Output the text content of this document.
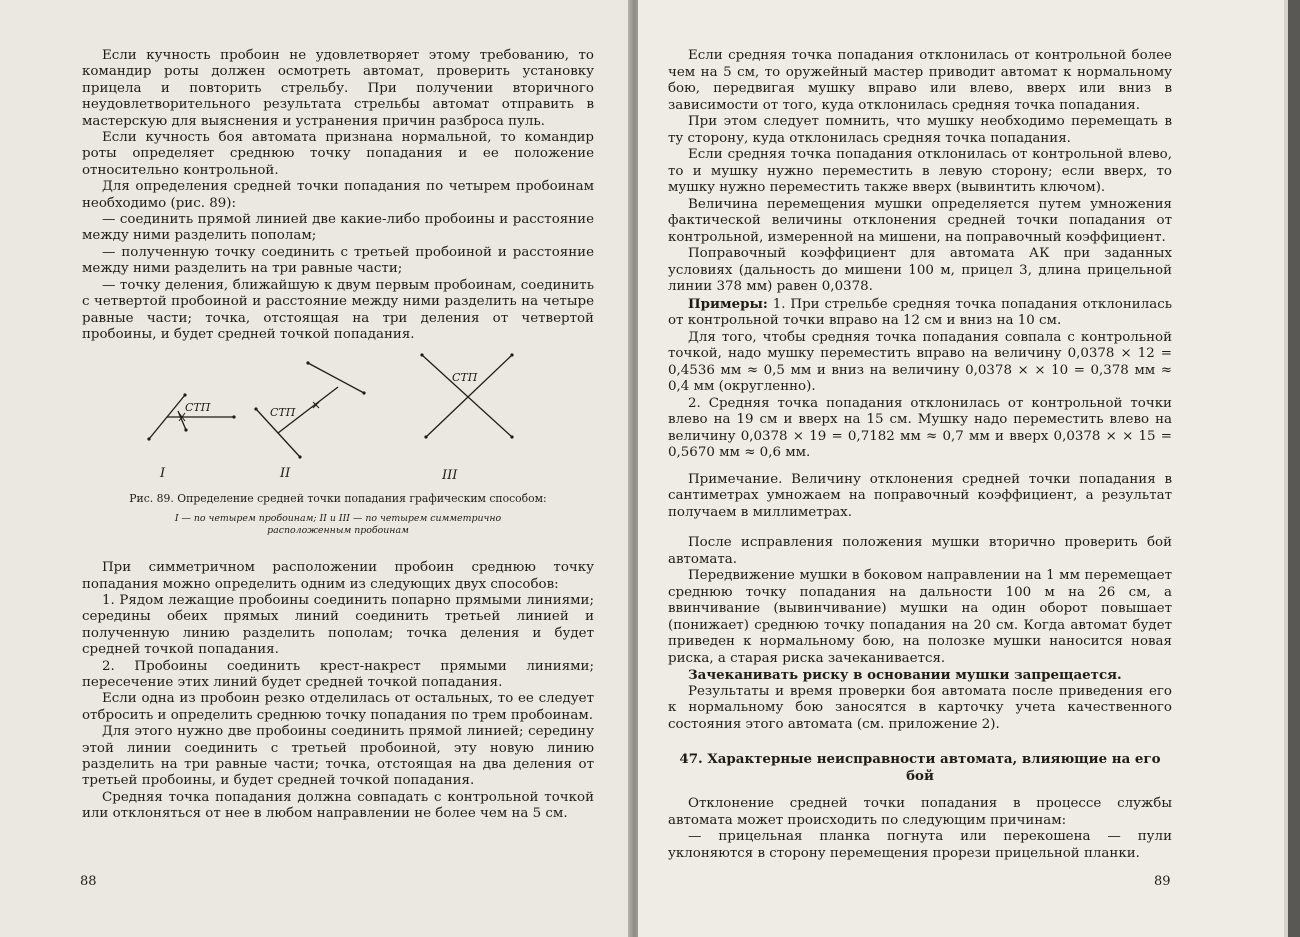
Если кучность пробоин не удовлетворяет этому требованию, то командир роты должен осмотреть автомат, проверить установку прицела и повторить стрельбу. При получении вторичного неудовлетворительного результата стрельбы автомат отправить в мастерскую для выяснения и устранения причин разброса пуль.

Если кучность боя автомата признана нормальной, то командир роты определяет среднюю точку попадания и ее положение относительно контрольной.

Для определения средней точки попадания по четырем пробоинам необходимо (рис. 89):

— соединить прямой линией две какие-либо пробоины и расстояние между ними разделить пополам;

— полученную точку соединить с третьей пробоиной и расстояние между ними разделить на три равные части;

— точку деления, ближайшую к двум первым пробоинам, соединить с четвертой пробоиной и расстояние между ними разделить на четыре равные части; точка, отстоящая на три деления от четвертой пробоины, и будет средней точкой попадания.

СТП	СТП
СТП
I	II	III

Рис. 89. Определение средней точки попадания графическим способом:

I — по четырем пробоинам; II и III — по четырем симметрично расположенным пробоинам

При симметричном расположении пробоин среднюю точку попадания можно определить одним из следующих двух способов:

1. Рядом лежащие пробоины соединить попарно прямыми линиями; середины обеих прямых линий соединить третьей линией и полученную линию разделить пополам; точка деления и будет средней точкой попадания.

2. Пробоины соединить крест-накрест прямыми линиями; пересечение этих линий будет средней точкой попадания.

Если одна из пробоин резко отделилась от остальных, то ее следует отбросить и определить среднюю точку попадания по трем пробоинам.

Для этого нужно две пробоины соединить прямой линией; середину этой линии соединить с третьей пробоиной, эту новую линию разделить на три равные части; точка, отстоящая на два деления от третьей пробоины, и будет средней точкой попадания.

Средняя точка попадания должна совпадать с контрольной точкой или отклоняться от нее в любом направлении не более чем на 5 см.

88

Если средняя точка попадания отклонилась от контрольной более чем на 5 см, то оружейный мастер приводит автомат к нормальному бою, передвигая мушку вправо или влево, вверх или вниз в зависимости от того, куда отклонилась средняя точка попадания.

При этом следует помнить, что мушку необходимо перемещать в ту сторону, куда отклонилась средняя точка попадания.

Если средняя точка попадания отклонилась от контрольной влево, то и мушку нужно переместить в левую сторону; если вверх, то мушку нужно переместить также вверх (вывинтить ключом).

Величина перемещения мушки определяется путем умножения фактической величины отклонения средней точки попадания от контрольной, измеренной на мишени, на поправочный коэффициент.

Поправочный коэффициент для автомата АК при заданных условиях (дальность до мишени 100 м, прицел 3, длина прицельной линии 378 мм) равен 0,0378.

Примеры: 1. При стрельбе средняя точка попадания отклонилась от контрольной точки вправо на 12 см и вниз на 10 см.

Для того, чтобы средняя точка попадания совпала с контрольной точкой, надо мушку переместить вправо на величину 0,0378 × 12 = 0,4536 мм ≈ 0,5 мм и вниз на величину 0,0378 × × 10 = 0,378 мм ≈ 0,4 мм (округленно).

2. Средняя точка попадания отклонилась от контрольной точки влево на 19 см и вверх на 15 см. Мушку надо переместить влево на величину 0,0378 × 19 = 0,7182 мм ≈ 0,7 мм и вверх 0,0378 × × 15 = 0,5670 мм ≈ 0,6 мм.

Примечание. Величину отклонения средней точки попадания в сантиметрах умножаем на поправочный коэффициент, а результат получаем в миллиметрах.

После исправления положения мушки вторично проверить бой автомата.

Передвижение мушки в боковом направлении на 1 мм перемещает среднюю точку попадания на дальности 100 м на 26 см, а ввинчивание (вывинчивание) мушки на один оборот повышает (понижает) среднюю точку попадания на 20 см. Когда автомат будет приведен к нормальному бою, на полозке мушки наносится новая риска, а старая риска зачеканивается.

Зачеканивать риску в основании мушки запрещается.

Результаты и время проверки боя автомата после приведения его к нормальному бою заносятся в карточку учета качественного состояния этого автомата (см. приложение 2).

47. Характерные неисправности автомата, влияющие на его бой

Отклонение средней точки попадания в процессе службы автомата может происходить по следующим причинам:

— прицельная планка погнута или перекошена — пули уклоняются в сторону перемещения прорези прицельной планки.

89
